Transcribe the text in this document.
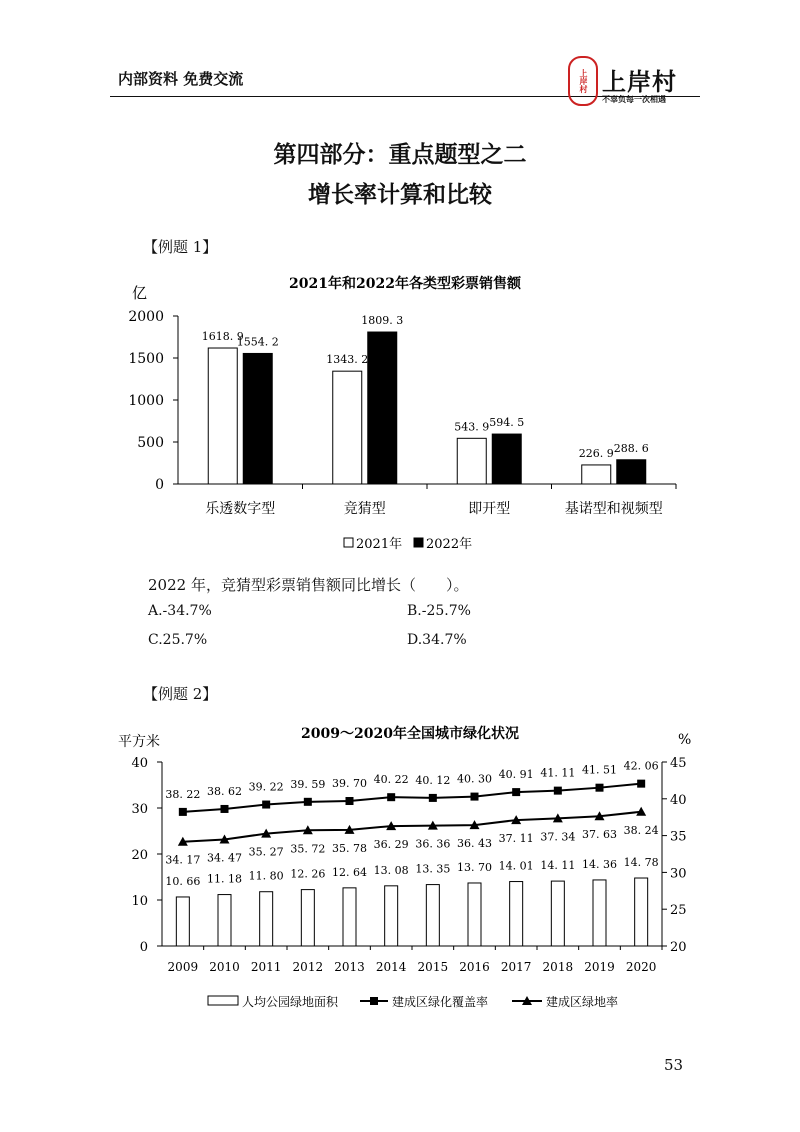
内部资料 免费交流	上岸村 上岸村
不辜负每一次相遇
第四部分：重点题型之二
增长率计算和比较
【例题 1】
2021年和2022年各类型彩票销售额
亿
0
500
1000
1500
2000
1618. 9
1554. 2
乐透数字型
1343. 2
1809. 3
竞猜型
543. 9 594. 5
即开型
226. 9 288. 6
基诺型和视频型
2021年 2022年
2022 年，竞猜型彩票销售额同比增长（　　）。
A.-34.7%	B.-25.7%
C.25.7%	D.34.7%
【例题 2】
2009～2020年全国城市绿化状况
平方米	%
0
10
20
30
40
20
25
30
35
40
45
2009
10. 66
2010
11. 18
2011
11. 80
2012
12. 26
2013
12. 64
2014
13. 08
2015
13. 35
2016
13. 70
2017
14. 01
2018
14. 11
2019
14. 36
2020
14. 78
38. 22 38. 62 39. 22 39. 59 39. 70 40. 22 40. 12 40. 30 40. 91 41. 11 41. 51 42. 06
34. 17 34. 47 35. 27 35. 72 35. 78 36. 29 36. 36 36. 43 37. 11 37. 34 37. 63 38. 24
人均公园绿地面积	建成区绿化覆盖率	建成区绿地率
53
